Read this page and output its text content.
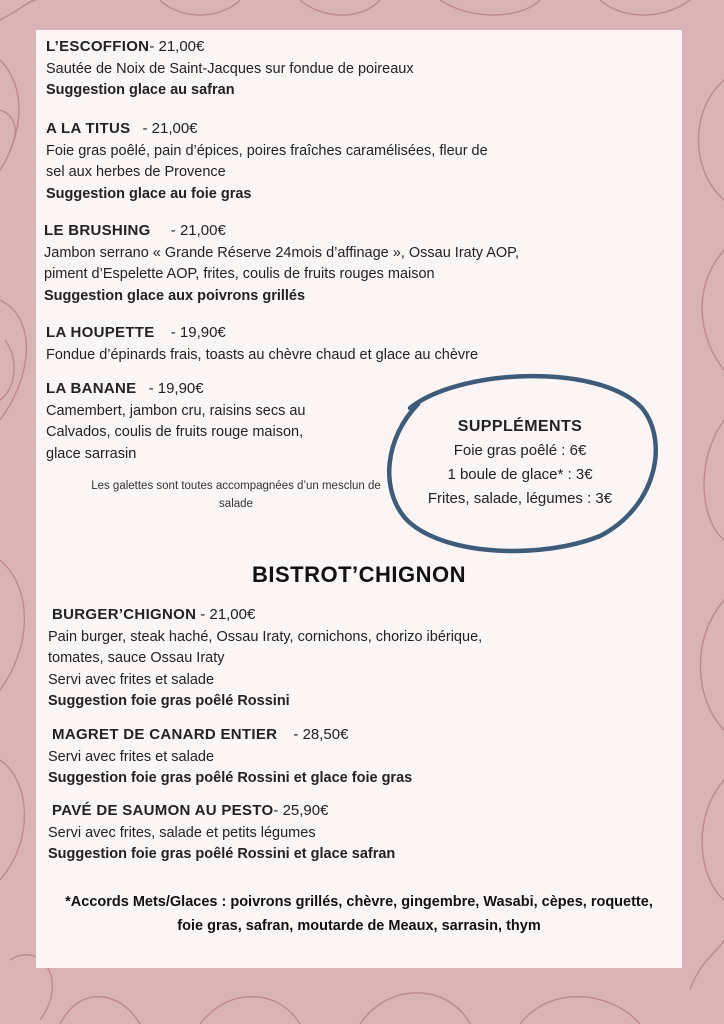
L’ESCOFFION- 21,00€
Sautée de Noix de Saint-Jacques sur fondue de poireaux
Suggestion glace au safran
A LA TITUS - 21,00€
Foie gras poêlé, pain d’épices, poires fraîches caramélisées, fleur de
sel aux herbes de Provence
Suggestion glace au foie gras
LE BRUSHING - 21,00€
Jambon serrano « Grande Réserve 24mois d’affinage », Ossau Iraty AOP,
piment d’Espelette AOP, frites, coulis de fruits rouges maison
Suggestion glace aux poivrons grillés
LA HOUPETTE - 19,90€
Fondue d’épinards frais, toasts au chèvre chaud et glace au chèvre
LA BANANE - 19,90€
Camembert, jambon cru, raisins secs au
Calvados, coulis de fruits rouge maison,
glace sarrasin
Les galettes sont toutes accompagnées d’un mesclun de salade
SUPPLÉMENTS
Foie gras poêlé : 6€
1 boule de glace* : 3€
Frites, salade, légumes : 3€
BISTROT’CHIGNON
BURGER’CHIGNON - 21,00€
Pain burger, steak haché, Ossau Iraty, cornichons, chorizo ibérique,
tomates, sauce Ossau Iraty
Servi avec frites et salade
Suggestion foie gras poêlé Rossini
MAGRET DE CANARD ENTIER - 28,50€
Servi avec frites et salade
Suggestion foie gras poêlé Rossini et glace foie gras
PAVÉ DE SAUMON AU PESTO- 25,90€
Servi avec frites, salade et petits légumes
Suggestion foie gras poêlé Rossini et glace safran
*Accords Mets/Glaces : poivrons grillés, chèvre, gingembre, Wasabi, cèpes, roquette, foie gras, safran, moutarde de Meaux, sarrasin, thym
